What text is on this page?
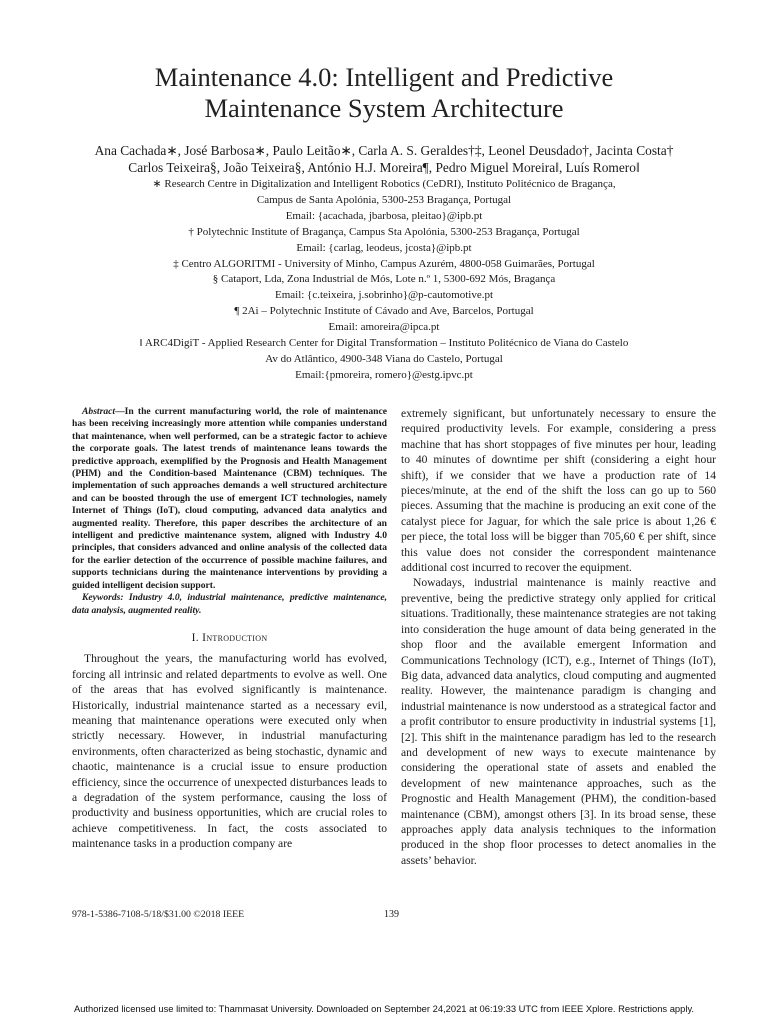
Maintenance 4.0: Intelligent and Predictive
Maintenance System Architecture
Ana Cachada∗, José Barbosa∗, Paulo Leitão∗, Carla A. S. Geraldes†‡, Leonel Deusdado†, Jacinta Costa†
Carlos Teixeira§, João Teixeira§, António H.J. Moreira¶, Pedro Miguel Moreira‖, Luís Romero‖
∗ Research Centre in Digitalization and Intelligent Robotics (CeDRI), Instituto Politécnico de Bragança,
Campus de Santa Apolónia, 5300-253 Bragança, Portugal
Email: {acachada, jbarbosa, pleitao}@ipb.pt
† Polytechnic Institute of Bragança, Campus Sta Apolónia, 5300-253 Bragança, Portugal
Email: {carlag, leodeus, jcosta}@ipb.pt
‡ Centro ALGORITMI - University of Minho, Campus Azurém, 4800-058 Guimarães, Portugal
§ Cataport, Lda, Zona Industrial de Mós, Lote n.º 1, 5300-692 Mós, Bragança
Email: {c.teixeira, j.sobrinho}@p-cautomotive.pt
¶ 2Ai – Polytechnic Institute of Cávado and Ave, Barcelos, Portugal
Email: amoreira@ipca.pt
‖ ARC4DigiT - Applied Research Center for Digital Transformation – Instituto Politécnico de Viana do Castelo
Av do Atlântico, 4900-348 Viana do Castelo, Portugal
Email:{pmoreira, romero}@estg.ipvc.pt

Abstract—In the current manufacturing world, the role of maintenance has been receiving increasingly more attention while companies understand that maintenance, when well performed, can be a strategic factor to achieve the corporate goals. The latest trends of maintenance leans towards the predictive approach, exemplified by the Prognosis and Health Management (PHM) and the Condition-based Maintenance (CBM) techniques. The implementation of such approaches demands a well structured architecture and can be boosted through the use of emergent ICT technologies, namely Internet of Things (IoT), cloud computing, advanced data analytics and augmented reality. Therefore, this paper describes the architecture of an intelligent and predictive maintenance system, aligned with Industry 4.0 principles, that considers advanced and online analysis of the collected data for the earlier detection of the occurrence of possible machine failures, and supports technicians during the maintenance interventions by providing a guided intelligent decision support.

Keywords: Industry 4.0, industrial maintenance, predictive maintenance, data analysis, augmented reality.

I. Introduction

Throughout the years, the manufacturing world has evolved, forcing all intrinsic and related departments to evolve as well. One of the areas that has evolved significantly is maintenance. Historically, industrial maintenance started as a necessary evil, meaning that maintenance operations were executed only when strictly necessary. However, in industrial manufacturing environments, often characterized as being stochastic, dynamic and chaotic, maintenance is a crucial issue to ensure production efficiency, since the occurrence of unexpected disturbances leads to a degradation of the system performance, causing the loss of productivity and business opportunities, which are crucial roles to achieve competitiveness. In fact, the costs associated to maintenance tasks in a production company are

extremely significant, but unfortunately necessary to ensure the required productivity levels. For example, considering a press machine that has short stoppages of five minutes per hour, leading to 40 minutes of downtime per shift (considering a eight hour shift), if we consider that we have a production rate of 14 pieces/minute, at the end of the shift the loss can go up to 560 pieces. Assuming that the machine is producing an exit cone of the catalyst piece for Jaguar, for which the sale price is about 1,26 € per piece, the total loss will be bigger than 705,60 € per shift, since this value does not consider the correspondent maintenance additional cost incurred to recover the equipment.

Nowadays, industrial maintenance is mainly reactive and preventive, being the predictive strategy only applied for critical situations. Traditionally, these maintenance strategies are not taking into consideration the huge amount of data being generated in the shop floor and the available emergent Information and Communications Technology (ICT), e.g., Internet of Things (IoT), Big data, advanced data analytics, cloud computing and augmented reality. However, the maintenance paradigm is changing and industrial maintenance is now understood as a strategical factor and a profit contributor to ensure productivity in industrial systems [1], [2]. This shift in the maintenance paradigm has led to the research and development of new ways to execute maintenance by considering the operational state of assets and enabled the development of new maintenance approaches, such as the Prognostic and Health Management (PHM), the condition-based maintenance (CBM), amongst others [3]. In its broad sense, these approaches apply data analysis techniques to the information produced in the shop floor processes to detect anomalies in the assets’ behavior.

978-1-5386-7108-5/18/$31.00 ©2018 IEEE	139
Authorized licensed use limited to: Thammasat University. Downloaded on September 24,2021 at 06:19:33 UTC from IEEE Xplore. Restrictions apply.
